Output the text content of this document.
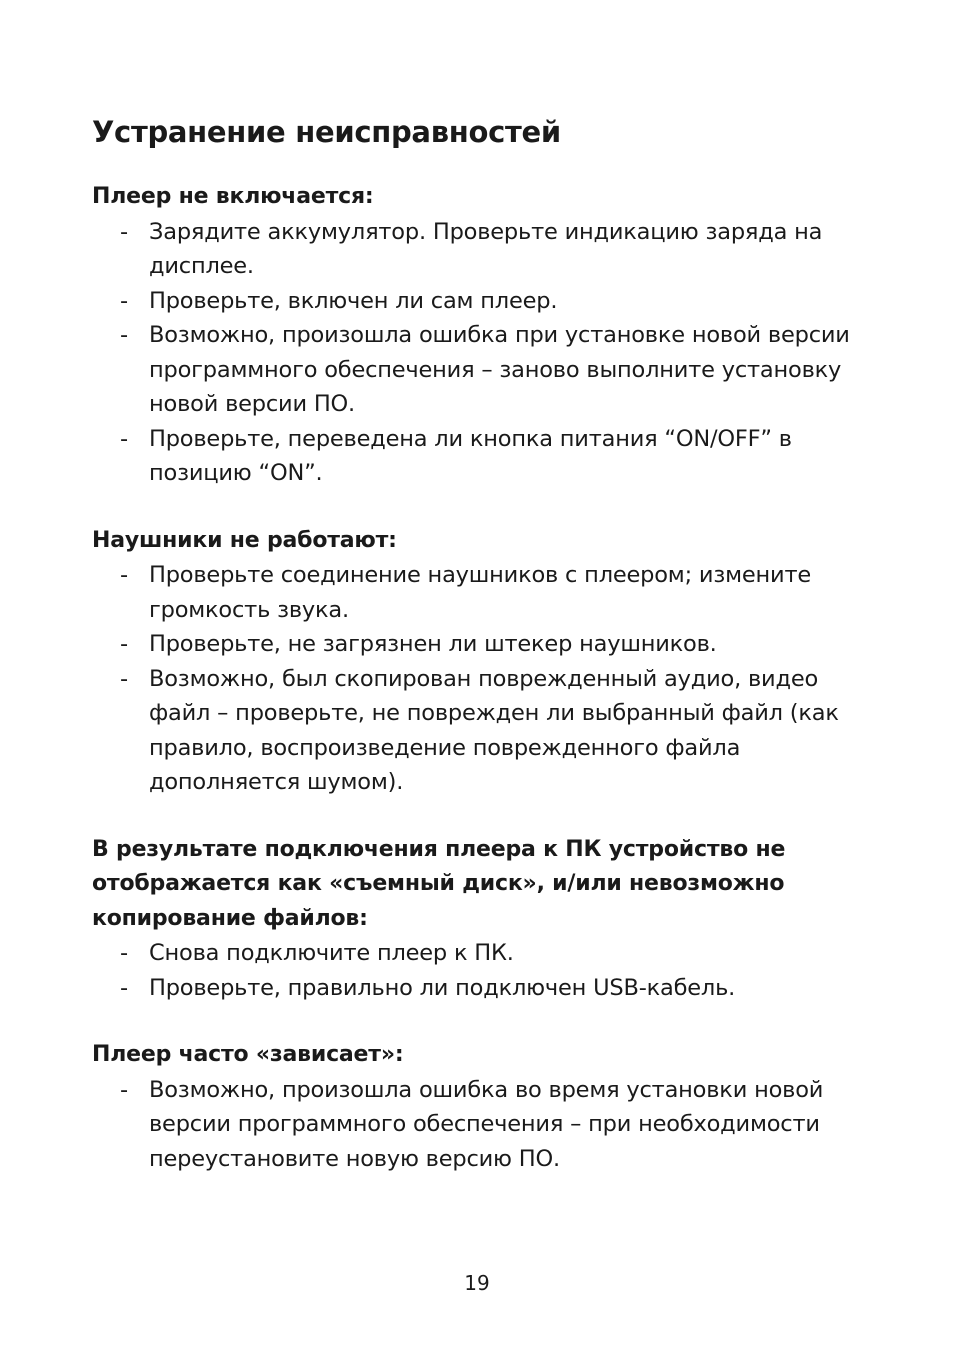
Устранение неисправностей
Плеер не включается:
- Зарядите аккумулятор. Проверьте индикацию заряда на дисплее.
- Проверьте, включен ли сам плеер.
- Возможно, произошла ошибка при установке новой версии программного обеспечения – заново выполните установку новой версии ПО.
- Проверьте, переведена ли кнопка питания “ON/OFF” в позицию “ON”.
Наушники не работают:
- Проверьте соединение наушников с плеером; измените громкость звука.
- Проверьте, не загрязнен ли штекер наушников.
- Возможно, был скопирован поврежденный аудио, видео файл – проверьте, не поврежден ли выбранный файл (как правило, воспроизведение поврежденного файла дополняется шумом).
В результате подключения плеера к ПК устройство не отображается как «съемный диск», и/или невозможно копирование файлов:
- Снова подключите плеер к ПК.
- Проверьте, правильно ли подключен USB-кабель.
Плеер часто «зависает»:
- Возможно, произошла ошибка во время установки новой версии программного обеспечения – при необходимости переустановите новую версию ПО.
19
